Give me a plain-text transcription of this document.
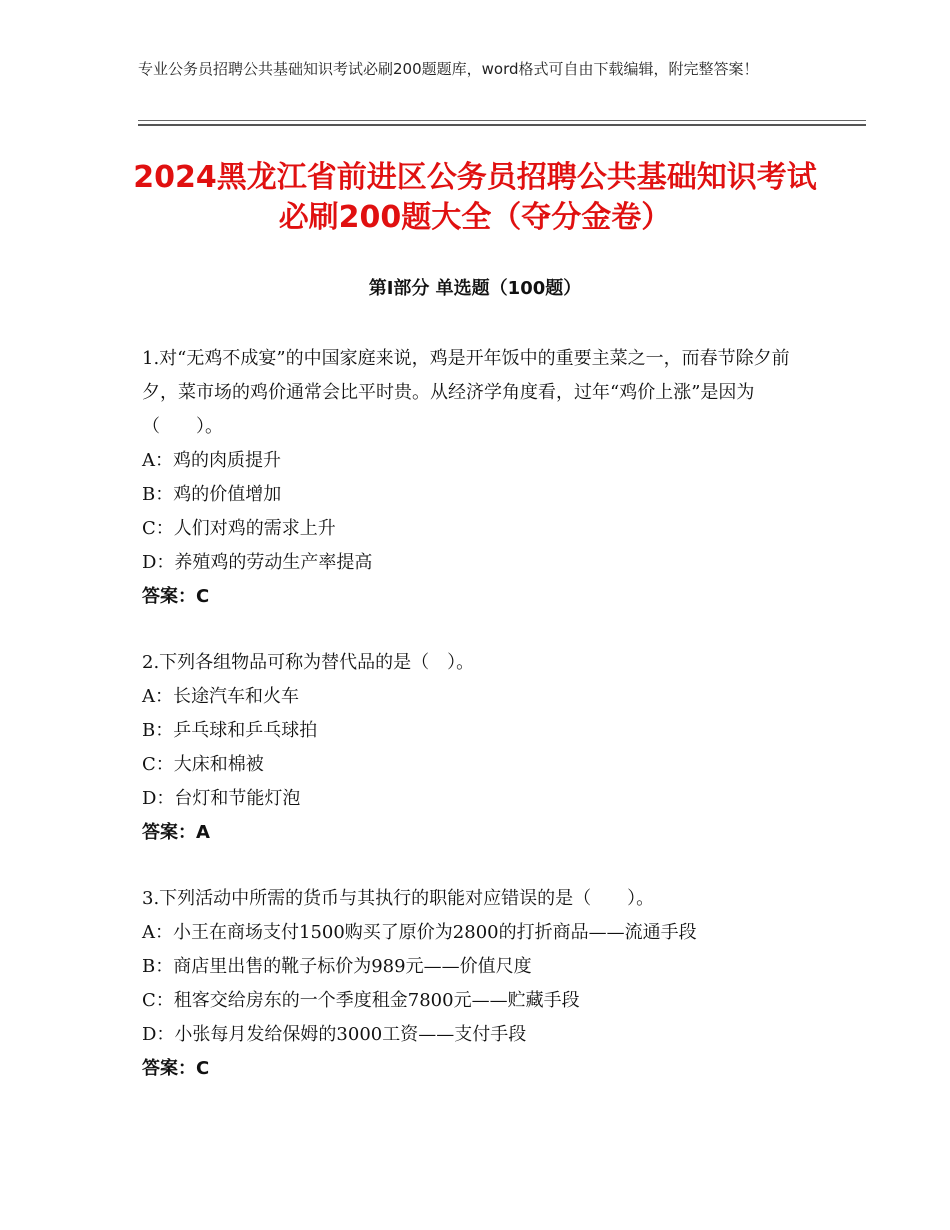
专业公务员招聘公共基础知识考试必刷200题题库，word格式可自由下载编辑，附完整答案！
2024黑龙江省前进区公务员招聘公共基础知识考试必刷200题大全（夺分金卷）
第Ⅰ部分 单选题（100题）

1.对“无鸡不成宴”的中国家庭来说，鸡是开年饭中的重要主菜之一，而春节除夕前夕，菜市场的鸡价通常会比平时贵。从经济学角度看，过年“鸡价上涨”是因为（　　）。

A：鸡的肉质提升

B：鸡的价值增加

C：人们对鸡的需求上升

D：养殖鸡的劳动生产率提高

答案：C

2.下列各组物品可称为替代品的是（　）。

A：长途汽车和火车

B：乒乓球和乒乓球拍

C：大床和棉被

D：台灯和节能灯泡

答案：A

3.下列活动中所需的货币与其执行的职能对应错误的是（　　）。

A：小王在商场支付1500购买了原价为2800的打折商品——流通手段

B：商店里出售的靴子标价为989元——价值尺度

C：租客交给房东的一个季度租金7800元——贮藏手段

D：小张每月发给保姆的3000工资——支付手段

答案：C
